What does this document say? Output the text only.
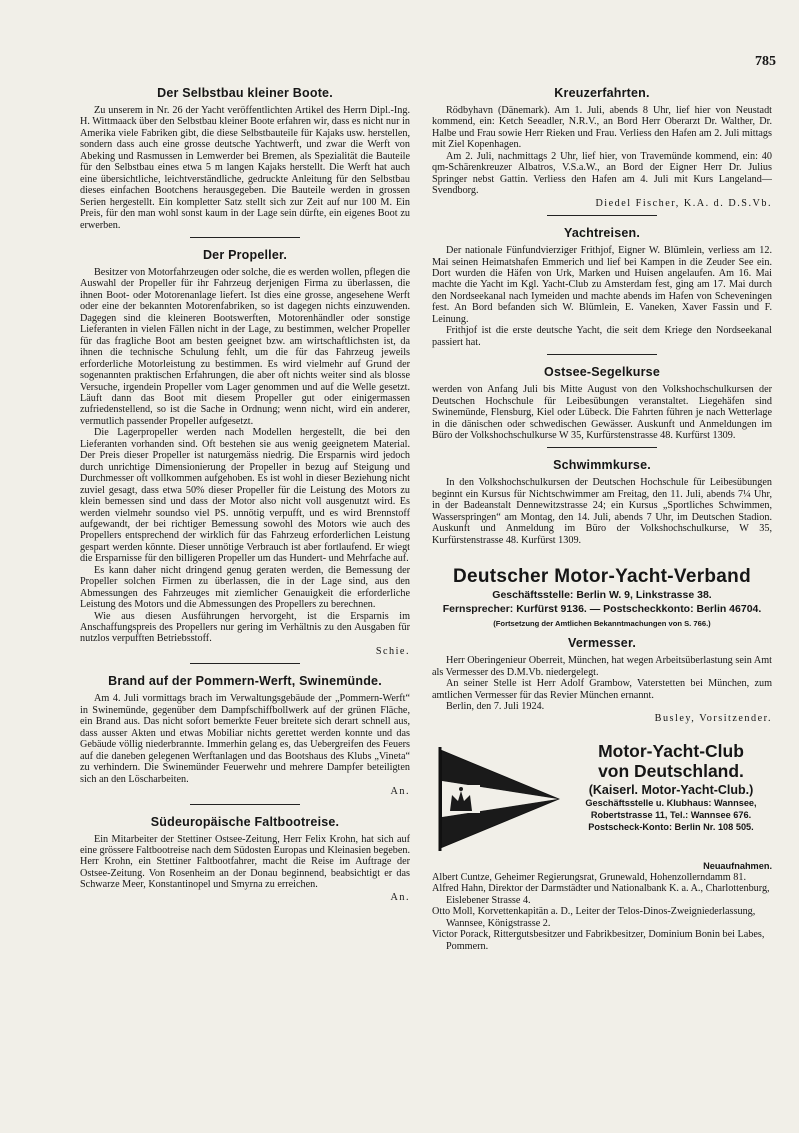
785
Der Selbstbau kleiner Boote.

Zu unserem in Nr. 26 der Yacht veröffentlichten Artikel des Herrn Dipl.-Ing. H. Wittmaack über den Selbstbau kleiner Boote erfahren wir, dass es nicht nur in Amerika viele Fabriken gibt, die diese Selbstbauteile für Kajaks usw. herstellen, sondern dass auch eine grosse deutsche Yachtwerft, und zwar die Werft von Abeking und Rasmussen in Lemwerder bei Bremen, als Spezialität die Bauteile für den Selbstbau eines etwa 5 m langen Kajaks herstellt. Die Werft hat auch eine übersichtliche, leichtverständliche, gedruckte Anleitung für den Selbstbau dieses einfachen Bootchens herausgegeben. Die Bauteile werden in grossen Serien hergestellt. Ein kompletter Satz stellt sich zur Zeit auf nur 100 M. Ein Preis, für den man wohl sonst kaum in der Lage sein dürfte, ein eigenes Boot zu erwerben.

Der Propeller.

Besitzer von Motorfahrzeugen oder solche, die es werden wollen, pflegen die Auswahl der Propeller für ihr Fahrzeug derjenigen Firma zu überlassen, die ihnen Boot- oder Motorenanlage liefert. Ist dies eine grosse, angesehene Werft oder eine der bekannten Motorenfabriken, so ist dagegen nichts einzuwenden. Dagegen sind die kleineren Bootswerften, Motorenhändler oder sonstige Lieferanten in vielen Fällen nicht in der Lage, zu bestimmen, welcher Propeller für das fragliche Boot am besten geeignet bzw. am wirtschaftlichsten ist, da ihnen die technische Schulung fehlt, um die für das Fahrzeug jeweils erforderliche Motorleistung zu bestimmen. Es wird vielmehr auf Grund der sogenannten praktischen Erfahrungen, die aber oft nichts weiter sind als blosse Versuche, irgendein Propeller vom Lager genommen und auf die Welle gesetzt. Läuft dann das Boot mit diesem Propeller gut oder einigermassen zufriedenstellend, so ist die Sache in Ordnung; wenn nicht, wird ein anderer, vermutlich passender Propeller aufgesetzt.

Die Lagerpropeller werden nach Modellen hergestellt, die bei den Lieferanten vorhanden sind. Oft bestehen sie aus wenig geeignetem Material. Der Preis dieser Propeller ist naturgemäss niedrig. Die Ersparnis wird jedoch durch unrichtige Dimensionierung der Propeller in bezug auf Steigung und Durchmesser oft vollkommen aufgehoben. Es ist wohl in dieser Beziehung nicht zuviel gesagt, dass etwa 50% dieser Propeller für die Leistung des Motors zu klein bemessen sind und dass der Motor also nicht voll ausgenutzt wird. Es werden vielmehr soundso viel PS. unnötig verpufft, und es wird Brennstoff aufgewandt, der bei richtiger Bemessung sowohl des Motors wie auch des Propellers entsprechend der wirklich für das Fahrzeug erforderlichen Leistung gespart werden könnte. Dieser unnötige Verbrauch ist aber fortlaufend. Er wiegt die Ersparnisse für den billigeren Propeller um das Hundert- und Mehrfache auf.

Es kann daher nicht dringend genug geraten werden, die Bemessung der Propeller solchen Firmen zu überlassen, die in der Lage sind, aus den Abmessungen des Fahrzeuges mit ziemlicher Genauigkeit die erforderliche Leistung des Motors und die Abmessungen des Propellers zu berechnen.

Wie aus diesen Ausführungen hervorgeht, ist die Ersparnis im Anschaffungspreis des Propellers nur gering im Verhältnis zu den Ausgaben für nutzlos verpufften Betriebsstoff.

Schie.
Brand auf der Pommern-Werft, Swinemünde.

Am 4. Juli vormittags brach im Verwaltungsgebäude der „Pommern-Werft“ in Swinemünde, gegenüber dem Dampfschiffbollwerk auf der grünen Fläche, ein Brand aus. Das nicht sofort bemerkte Feuer breitete sich derart schnell aus, dass ausser Akten und etwas Mobiliar nichts gerettet werden konnte und das Gebäude völlig niederbrannte. Immerhin gelang es, das Uebergreifen des Feuers auf die daneben gelegenen Werftanlagen und das Bootshaus des Klubs „Vineta“ zu verhindern. Die Swinemünder Feuerwehr und mehrere Dampfer beteiligten sich an den Löscharbeiten.

An.
Südeuropäische Faltbootreise.

Ein Mitarbeiter der Stettiner Ostsee-Zeitung, Herr Felix Krohn, hat sich auf eine grössere Faltbootreise nach dem Südosten Europas und Kleinasien begeben. Herr Krohn, ein Stettiner Faltbootfahrer, macht die Reise im Auftrage der Ostsee-Zeitung. Von Rosenheim an der Donau beginnend, beabsichtigt er das Schwarze Meer, Konstantinopel und Smyrna zu erreichen.

An.
Kreuzerfahrten.

Rödbyhavn (Dänemark). Am 1. Juli, abends 8 Uhr, lief hier von Neustadt kommend, ein: Ketch Seeadler, N.R.V., an Bord Herr Oberarzt Dr. Walther, Dr. Halbe und Frau sowie Herr Rieken und Frau. Verliess den Hafen am 2. Juli mittags mit Ziel Kopenhagen.

Am 2. Juli, nachmittags 2 Uhr, lief hier, von Travemünde kommend, ein: 40 qm-Schärenkreuzer Albatros, V.S.a.W., an Bord der Eigner Herr Dr. Julius Springer nebst Gattin. Verliess den Hafen am 4. Juli mit Kurs Langeland—Svendborg.

Diedel Fischer, K.A. d. D.S.Vb.
Yachtreisen.

Der nationale Fünfundvierziger Frithjof, Eigner W. Blümlein, verliess am 12. Mai seinen Heimatshafen Emmerich und lief bei Kampen in die Zeuder See ein. Dort wurden die Häfen von Urk, Marken und Huisen angelaufen. Am 16. Mai machte die Yacht im Kgl. Yacht-Club zu Amsterdam fest, ging am 17. Mai durch den Nordseekanal nach Iymeiden und machte abends im Hafen von Scheveningen fest. An Bord befanden sich W. Blümlein, E. Vaneken, Xaver Fassin und F. Leinung.

Frithjof ist die erste deutsche Yacht, die seit dem Kriege den Nordseekanal passiert hat.

Ostsee-Segelkurse

werden von Anfang Juli bis Mitte August von den Volkshochschulkursen der Deutschen Hochschule für Leibesübungen veranstaltet. Liegehäfen sind Swinemünde, Flensburg, Kiel oder Lübeck. Die Fahrten führen je nach Wetterlage in die dänischen oder schwedischen Gewässer. Auskunft und Anmeldungen im Büro der Volkshochschulkurse W 35, Kurfürstenstrasse 48. Kurfürst 1309.

Schwimmkurse.

In den Volkshochschulkursen der Deutschen Hochschule für Leibesübungen beginnt ein Kursus für Nichtschwimmer am Freitag, den 11. Juli, abends 7¼ Uhr, in der Badeanstalt Dennewitzstrasse 24; ein Kursus „Sportliches Schwimmen, Wasserspringen“ am Montag, den 14. Juli, abends 7 Uhr, im Deutschen Stadion. Auskunft und Anmeldung im Büro der Volkshochschulkurse, W 35, Kurfürstenstrasse 48. Kurfürst 1309.

Deutscher Motor-Yacht-Verband
Geschäftsstelle: Berlin W. 9, Linkstrasse 38.
Fernsprecher: Kurfürst 9136. — Postscheckkonto: Berlin 46704.
(Fortsetzung der Amtlichen Bekanntmachungen von S. 766.)
Vermesser.

Herr Oberingenieur Oberreit, München, hat wegen Arbeitsüberlastung sein Amt als Vermesser des D.M.Vb. niedergelegt.

An seiner Stelle ist Herr Adolf Grambow, Vaterstetten bei München, zum amtlichen Vermesser für das Revier München ernannt.

Berlin, den 7. Juli 1924.

Busley, Vorsitzender.
Motor-Yacht-Club
von Deutschland.
(Kaiserl. Motor-Yacht-Club.)
Geschäftsstelle u. Klubhaus: Wannsee,
Robertstrasse 11, Tel.: Wannsee 676.
Postscheck-Konto: Berlin Nr. 108 505.
Neuaufnahmen.
Albert Cuntze, Geheimer Regierungsrat, Grunewald, Hohenzollerndamm 81.
Alfred Hahn, Direktor der Darmstädter und Nationalbank K. a. A., Charlottenburg, Eislebener Strasse 4.
Otto Moll, Korvettenkapitän a. D., Leiter der Telos-Dinos-Zweigniederlassung, Wannsee, Königstrasse 2.
Victor Porack, Rittergutsbesitzer und Fabrikbesitzer, Dominium Bonin bei Labes, Pommern.
